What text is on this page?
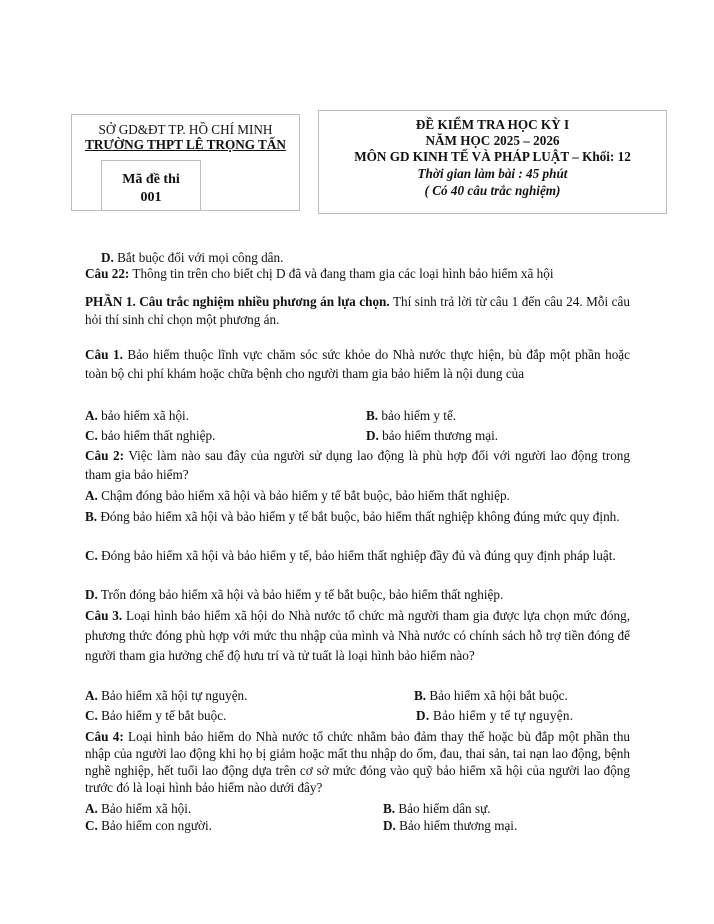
SỞ GD&ĐT TP. HỒ CHÍ MINH
TRƯỜNG THPT LÊ TRỌNG TẤN
Mã đề thi
001
ĐỀ KIỂM TRA HỌC KỲ I
NĂM HỌC 2025 – 2026
MÔN GD KINH TẾ VÀ PHÁP LUẬT – Khối: 12
Thời gian làm bài : 45 phút
( Có 40 câu trắc nghiệm)
D. Bắt buộc đối với mọi công dân.
Câu 22: Thông tin trên cho biết chị D đã và đang tham gia các loại hình bảo hiểm xã hội
PHẦN 1. Câu trắc nghiệm nhiều phương án lựa chọn. Thí sinh trả lời từ câu 1 đến câu 24. Mỗi câu hỏi thí sinh chỉ chọn một phương án.
Câu 1. Bảo hiểm thuộc lĩnh vực chăm sóc sức khỏe do Nhà nước thực hiện, bù đắp một phần hoặc toàn bộ chi phí khám hoặc chữa bệnh cho người tham gia bảo hiểm là nội dung của
A. bảo hiểm xã hội.	B. bảo hiểm y tế.
C. bảo hiểm thất nghiệp.	D. bảo hiểm thương mại.
Câu 2: Việc làm nào sau đây của người sử dụng lao động là phù hợp đối với người lao động trong tham gia bảo hiểm?
A. Chậm đóng bảo hiểm xã hội và bảo hiểm y tế bắt buộc, bảo hiểm thất nghiệp.
B. Đóng bảo hiểm xã hội và bảo hiểm y tế bắt buộc, bảo hiểm thất nghiệp không đúng mức quy định.
C. Đóng bảo hiểm xã hội và bảo hiểm y tế, bảo hiểm thất nghiệp đầy đủ và đúng quy định pháp luật.
D. Trốn đóng bảo hiểm xã hội và bảo hiểm y tế bắt buộc, bảo hiểm thất nghiệp.
Câu 3. Loại hình bảo hiểm xã hội do Nhà nước tổ chức mà người tham gia được lựa chọn mức đóng, phương thức đóng phù hợp với mức thu nhập của mình và Nhà nước có chính sách hỗ trợ tiền đóng để người tham gia hưởng chế độ hưu trí và tử tuất là loại hình bảo hiểm nào?
A. Bảo hiểm xã hội tự nguyện.	B. Bảo hiểm xã hội bắt buộc.
C. Bảo hiểm y tế bắt buộc.	D. Bảo hiểm y tế tự nguyện.
Câu 4: Loại hình bảo hiểm do Nhà nước tổ chức nhằm bảo đảm thay thế hoặc bù đắp một phần thu nhập của người lao động khi họ bị giảm hoặc mất thu nhập do ốm, đau, thai sản, tai nạn lao động, bệnh nghề nghiệp, hết tuổi lao động dựa trên cơ sở mức đóng vào quỹ bảo hiểm xã hội của người lao động trước đó là loại hình bảo hiểm nào dưới đây?
A. Bảo hiểm xã hội.	B. Bảo hiểm dân sự.
C. Bảo hiểm con người.	D. Bảo hiểm thương mại.
